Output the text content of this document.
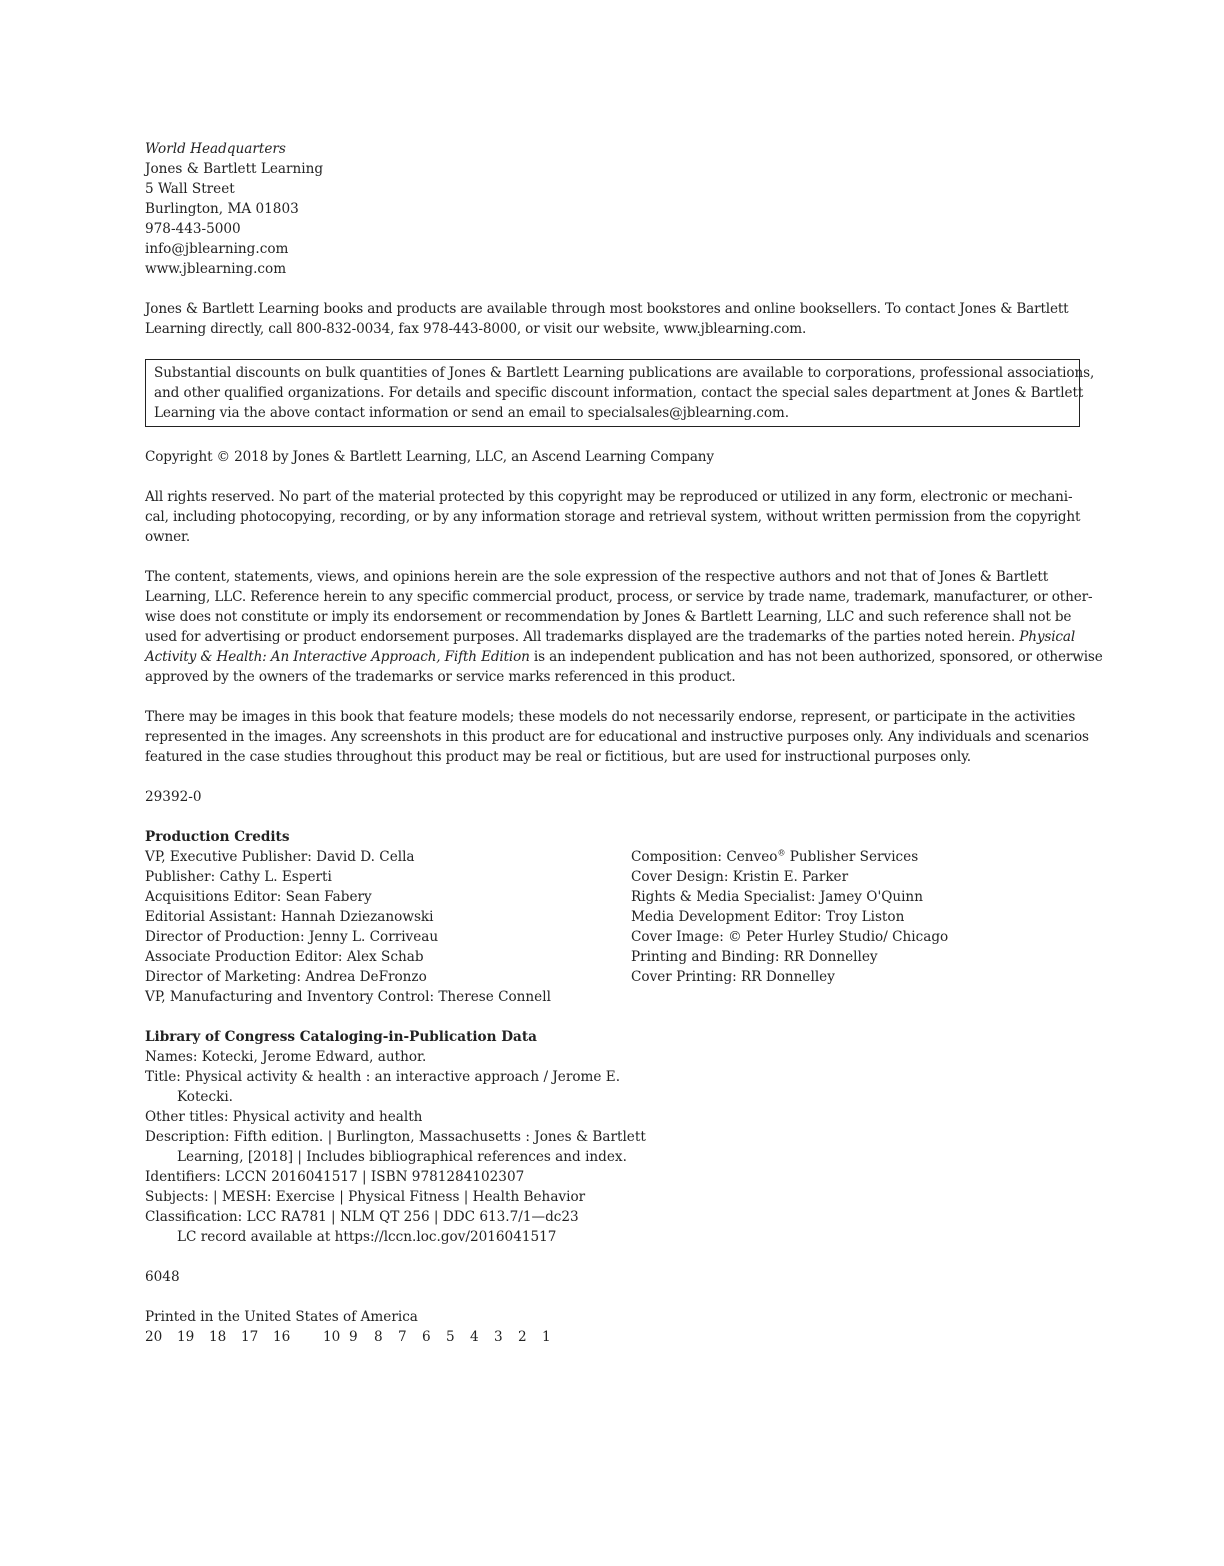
World Headquarters
Jones & Bartlett Learning
5 Wall Street
Burlington, MA 01803
978-443-5000
info@jblearning.com
www.jblearning.com
Jones & Bartlett Learning books and products are available through most bookstores and online booksellers. To contact Jones & Bartlett
Learning directly, call 800-832-0034, fax 978-443-8000, or visit our website, www.jblearning.com.
Substantial discounts on bulk quantities of Jones & Bartlett Learning publications are available to corporations, professional associations,
and other qualified organizations. For details and specific discount information, contact the special sales department at Jones & Bartlett
Learning via the above contact information or send an email to specialsales@jblearning.com.
Copyright © 2018 by Jones & Bartlett Learning, LLC, an Ascend Learning Company
All rights reserved. No part of the material protected by this copyright may be reproduced or utilized in any form, electronic or mechani-
cal, including photocopying, recording, or by any information storage and retrieval system, without written permission from the copyright
owner.
The content, statements, views, and opinions herein are the sole expression of the respective authors and not that of Jones & Bartlett
Learning, LLC. Reference herein to any specific commercial product, process, or service by trade name, trademark, manufacturer, or other-
wise does not constitute or imply its endorsement or recommendation by Jones & Bartlett Learning, LLC and such reference shall not be
used for advertising or product endorsement purposes. All trademarks displayed are the trademarks of the parties noted herein. Physical
Activity & Health: An Interactive Approach, Fifth Edition is an independent publication and has not been authorized, sponsored, or otherwise
approved by the owners of the trademarks or service marks referenced in this product.
There may be images in this book that feature models; these models do not necessarily endorse, represent, or participate in the activities
represented in the images. Any screenshots in this product are for educational and instructive purposes only. Any individuals and scenarios
featured in the case studies throughout this product may be real or fictitious, but are used for instructional purposes only.
29392-0
Production Credits
VP, Executive Publisher: David D. Cella
Publisher: Cathy L. Esperti
Acquisitions Editor: Sean Fabery
Editorial Assistant: Hannah Dziezanowski
Director of Production: Jenny L. Corriveau
Associate Production Editor: Alex Schab
Director of Marketing: Andrea DeFronzo
VP, Manufacturing and Inventory Control: Therese Connell
Composition: Cenveo® Publisher Services
Cover Design: Kristin E. Parker
Rights & Media Specialist: Jamey O'Quinn
Media Development Editor: Troy Liston
Cover Image: © Peter Hurley Studio/ Chicago
Printing and Binding: RR Donnelley
Cover Printing: RR Donnelley
Library of Congress Cataloging-in-Publication Data
Names: Kotecki, Jerome Edward, author.
Title: Physical activity & health : an interactive approach / Jerome E.
Kotecki.
Other titles: Physical activity and health
Description: Fifth edition. | Burlington, Massachusetts : Jones & Bartlett
Learning, [2018] | Includes bibliographical references and index.
Identifiers: LCCN 2016041517 | ISBN 9781284102307
Subjects: | MESH: Exercise | Physical Fitness | Health Behavior
Classification: LCC RA781 | NLM QT 256 | DDC 613.7/1—dc23
LC record available at https://lccn.loc.gov/2016041517
6048
Printed in the United States of America
20 19 18 17 16 10 9 8 7 6 5 4 3 2 1
